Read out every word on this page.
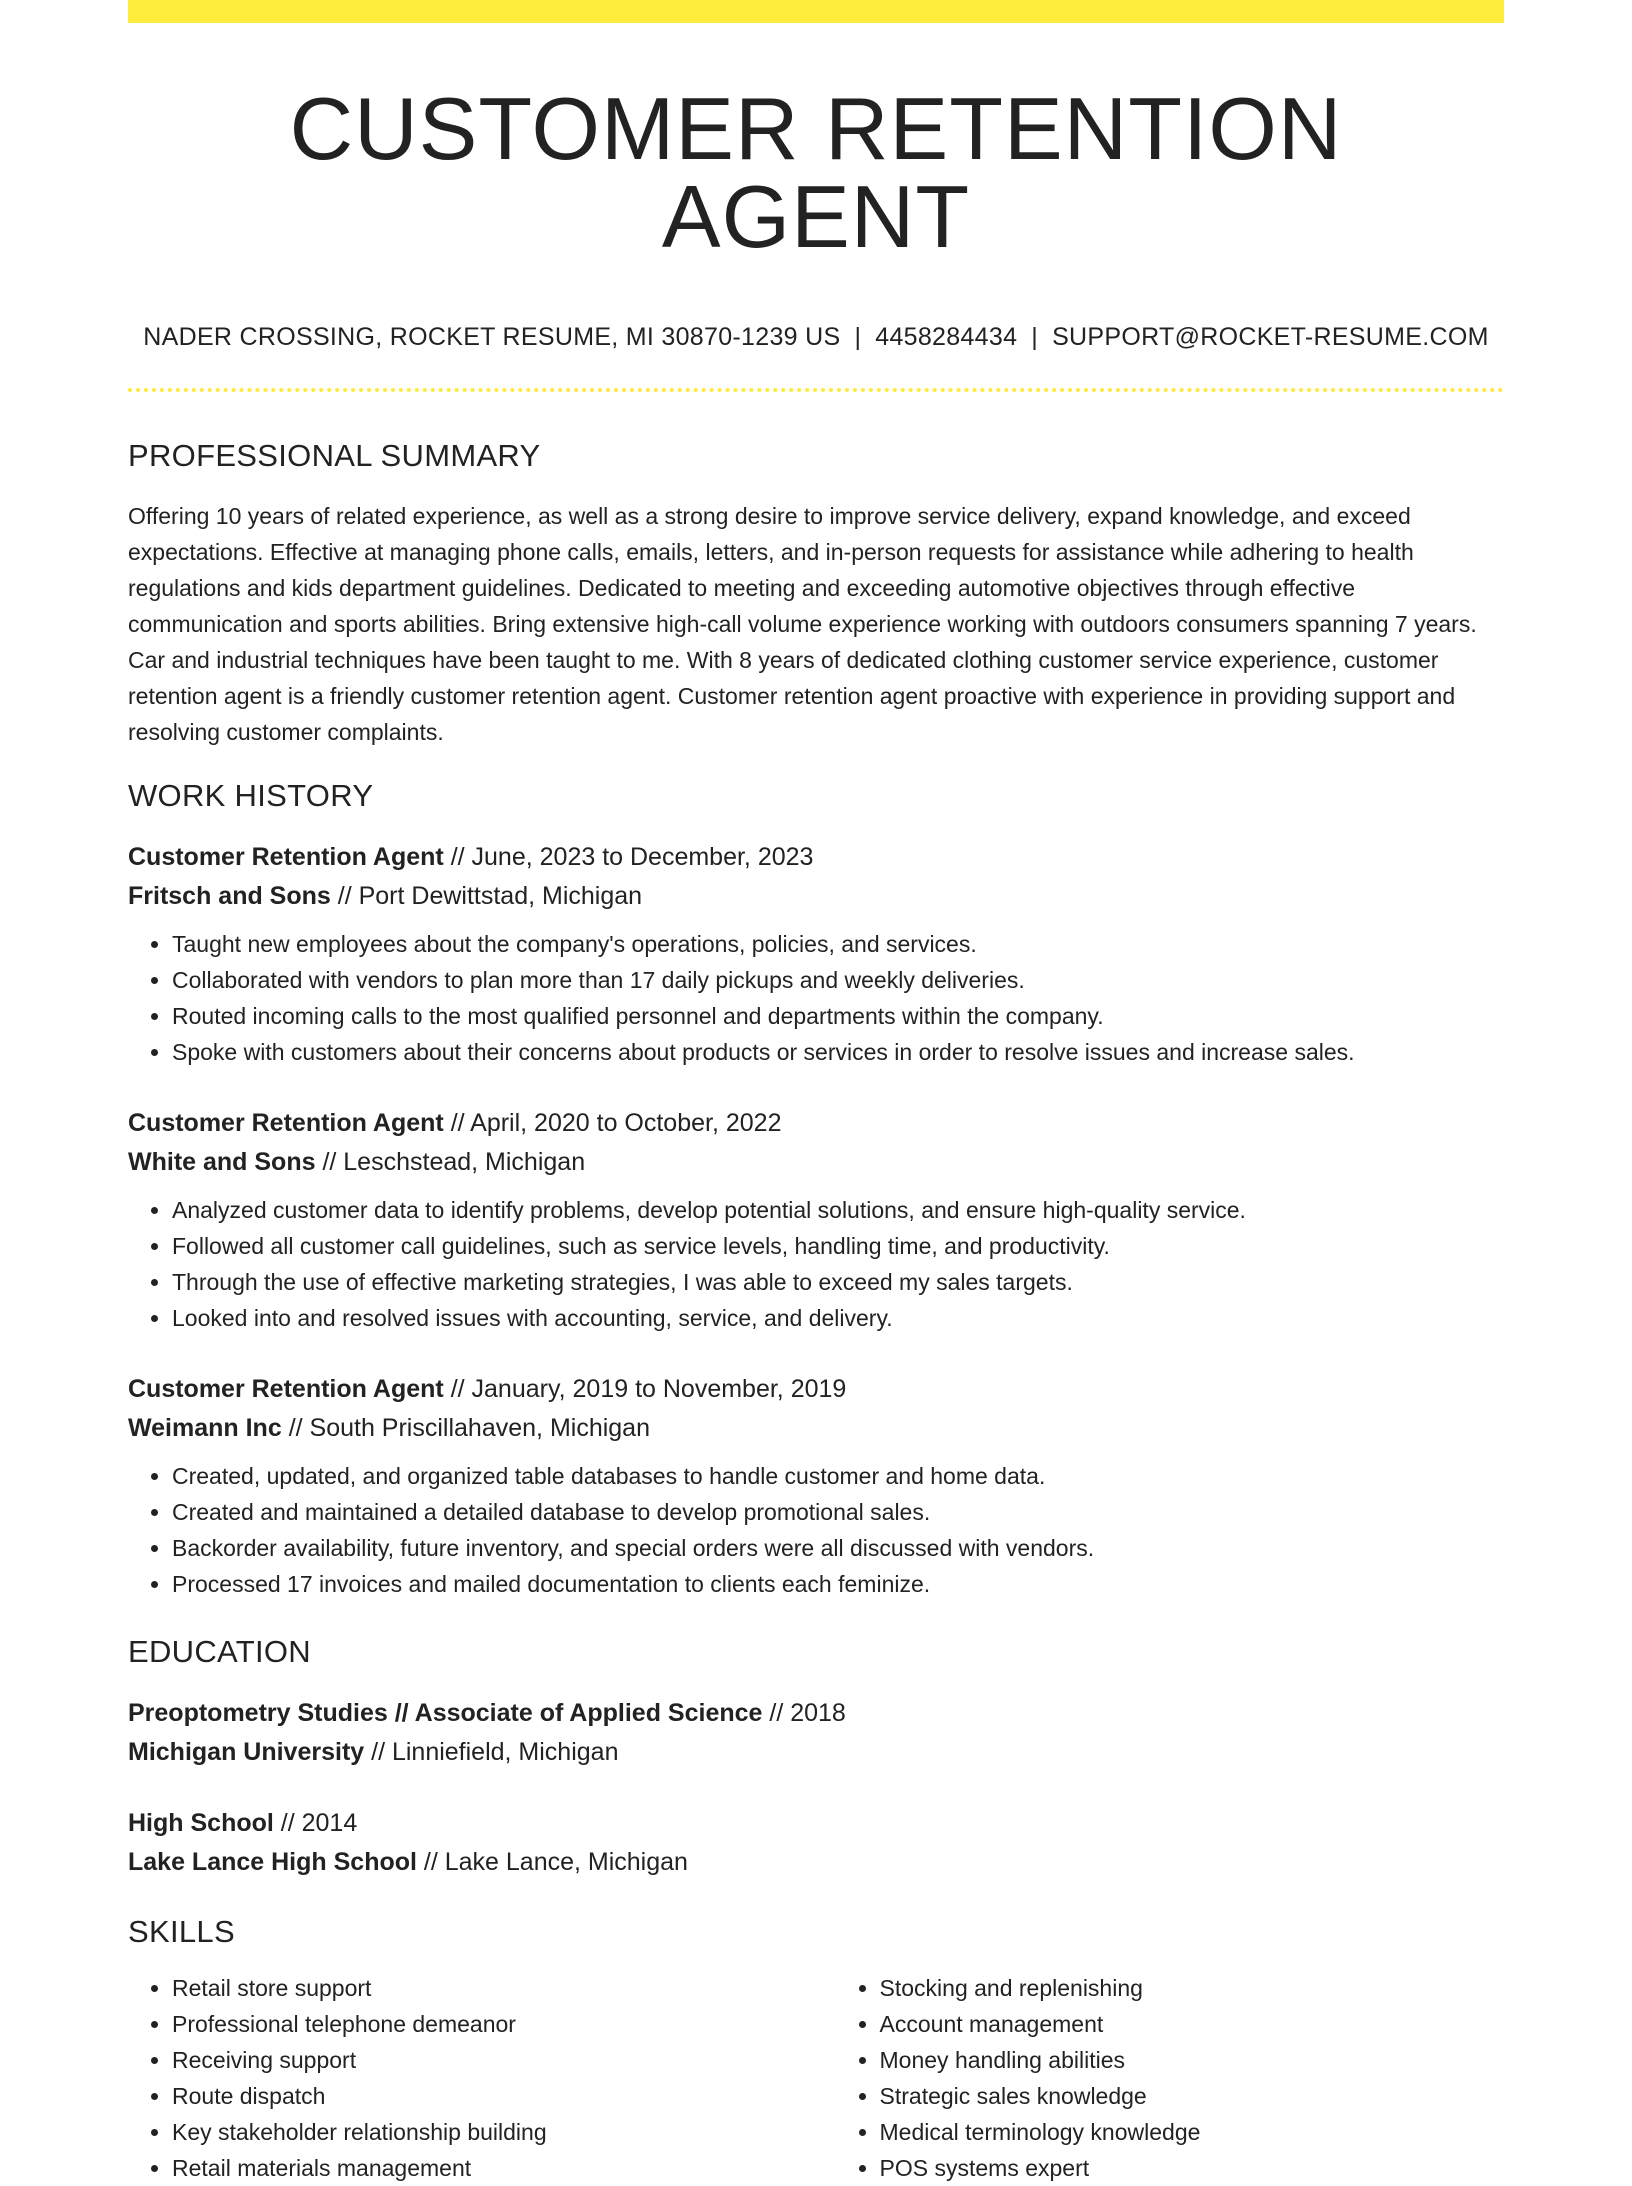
CUSTOMER RETENTION AGENT
NADER CROSSING, ROCKET RESUME, MI 30870-1239 US | 4458284434 | SUPPORT@ROCKET-RESUME.COM
PROFESSIONAL SUMMARY

Offering 10 years of related experience, as well as a strong desire to improve service delivery, expand knowledge, and exceed expectations. Effective at managing phone calls, emails, letters, and in-person requests for assistance while adhering to health regulations and kids department guidelines. Dedicated to meeting and exceeding automotive objectives through effective communication and sports abilities. Bring extensive high-call volume experience working with outdoors consumers spanning 7 years. Car and industrial techniques have been taught to me. With 8 years of dedicated clothing customer service experience, customer retention agent is a friendly customer retention agent. Customer retention agent proactive with experience in providing support and resolving customer complaints.

WORK HISTORY
Customer Retention Agent // June, 2023 to December, 2023
Fritsch and Sons // Port Dewittstad, Michigan
• Taught new employees about the company's operations, policies, and services.
• Collaborated with vendors to plan more than 17 daily pickups and weekly deliveries.
• Routed incoming calls to the most qualified personnel and departments within the company.
• Spoke with customers about their concerns about products or services in order to resolve issues and increase sales.
Customer Retention Agent // April, 2020 to October, 2022
White and Sons // Leschstead, Michigan
• Analyzed customer data to identify problems, develop potential solutions, and ensure high-quality service.
• Followed all customer call guidelines, such as service levels, handling time, and productivity.
• Through the use of effective marketing strategies, I was able to exceed my sales targets.
• Looked into and resolved issues with accounting, service, and delivery.
Customer Retention Agent // January, 2019 to November, 2019
Weimann Inc // South Priscillahaven, Michigan
• Created, updated, and organized table databases to handle customer and home data.
• Created and maintained a detailed database to develop promotional sales.
• Backorder availability, future inventory, and special orders were all discussed with vendors.
• Processed 17 invoices and mailed documentation to clients each feminize.
EDUCATION
Preoptometry Studies // Associate of Applied Science // 2018
Michigan University // Linniefield, Michigan
High School // 2014
Lake Lance High School // Lake Lance, Michigan
SKILLS
• Retail store support
• Professional telephone demeanor
• Receiving support
• Route dispatch
• Key stakeholder relationship building
• Retail materials management
• Stocking and replenishing
• Account management
• Money handling abilities
• Strategic sales knowledge
• Medical terminology knowledge
• POS systems expert
